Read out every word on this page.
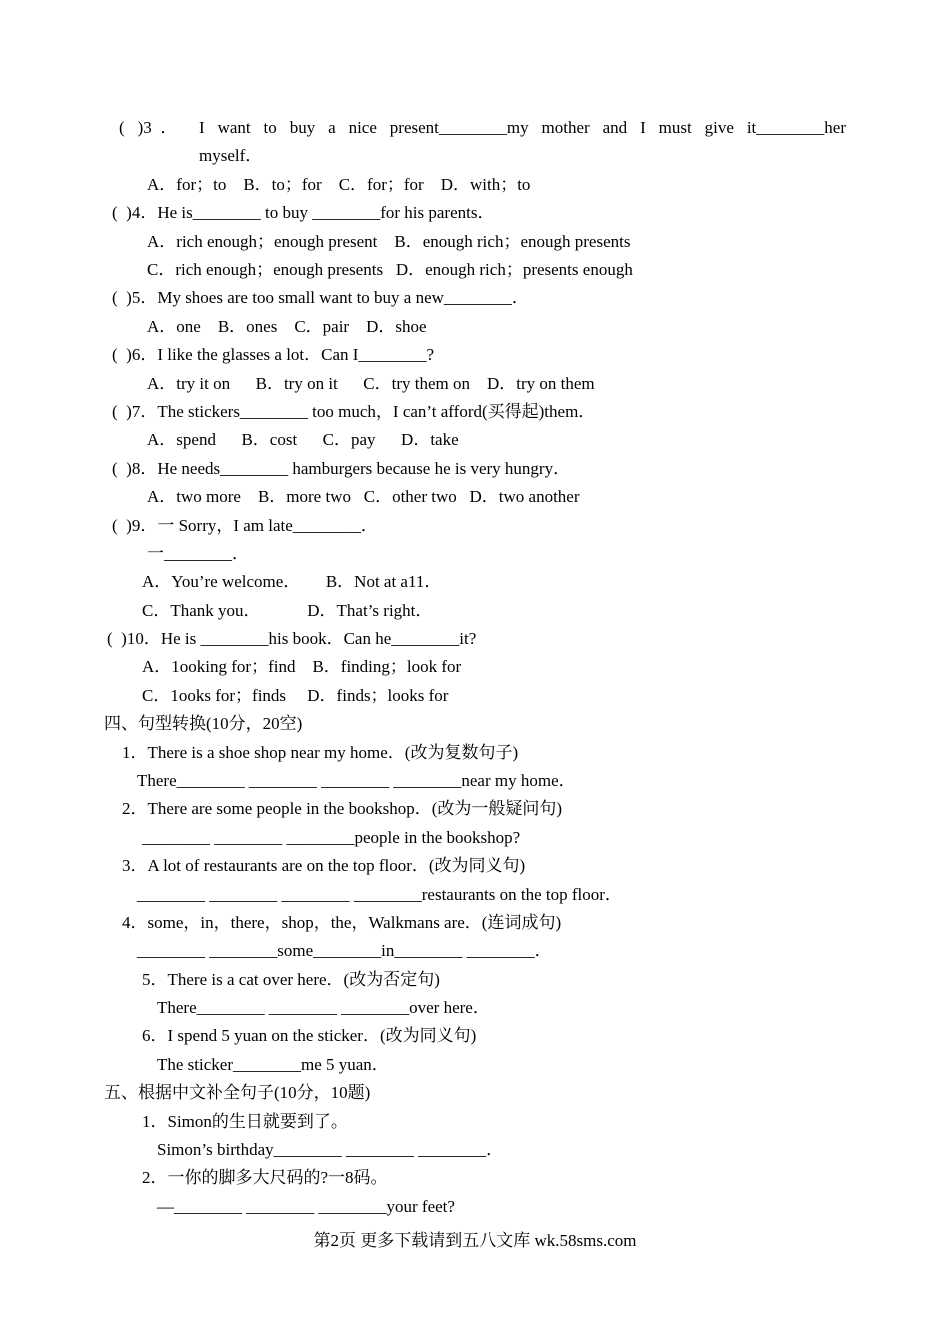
( )3． I want to buy a nice present________my mother and I must give it________her
myself．
A．for；to    B．to；for    C．for；for    D．with；to
(  )4．He is________ to buy ________for his parents．
A．rich enough；enough present    B．enough rich；enough presents
C．rich enough；enough presents   D．enough rich；presents enough
(  )5．My shoes are too small want to buy a new________．
A．one    B．ones    C．pair    D．shoe
(  )6．I like the glasses a lot．Can I________?
A．try it on      B．try on it      C．try them on    D．try on them
(  )7．The stickers________ too much，I can’t afford(买得起)them．
A．spend      B．cost      C．pay      D．take
(  )8．He needs________ hamburgers because he is very hungry．
A．two more    B．more two   C．other two   D．two another
(  )9．一 Sorry，I am late________．
一________．
A．You’re welcome．      B．Not at a11．
C．Thank you．           D．That’s right．
(  )10．He is ________his book．Can he________it?
A．1ooking for；find    B．finding；look for
C．1ooks for；finds     D．finds；looks for
四、句型转换(10分，20空)
1．There is a shoe shop near my home．(改为复数句子)
There________ ________ ________ ________near my home．
2．There are some people in the bookshop．(改为一般疑问句)
________ ________ ________people in the bookshop?
3．A lot of restaurants are on the top floor．(改为同义句)
________ ________ ________ ________restaurants on the top floor．
4．some，in，there，shop，the，Walkmans are．(连词成句)
________ ________some________in________ ________．
5．There is a cat over here．(改为否定句)
There________ ________ ________over here．
6．I spend 5 yuan on the sticker．(改为同义句)
The sticker________me 5 yuan．
五、根据中文补全句子(10分，10题)
1．Simon的生日就要到了。
Simon’s birthday________ ________ ________．
2．一你的脚多大尺码的?一8码。
—________ ________ ________your feet?
第2页 更多下载请到五八文库 wk.58sms.com
